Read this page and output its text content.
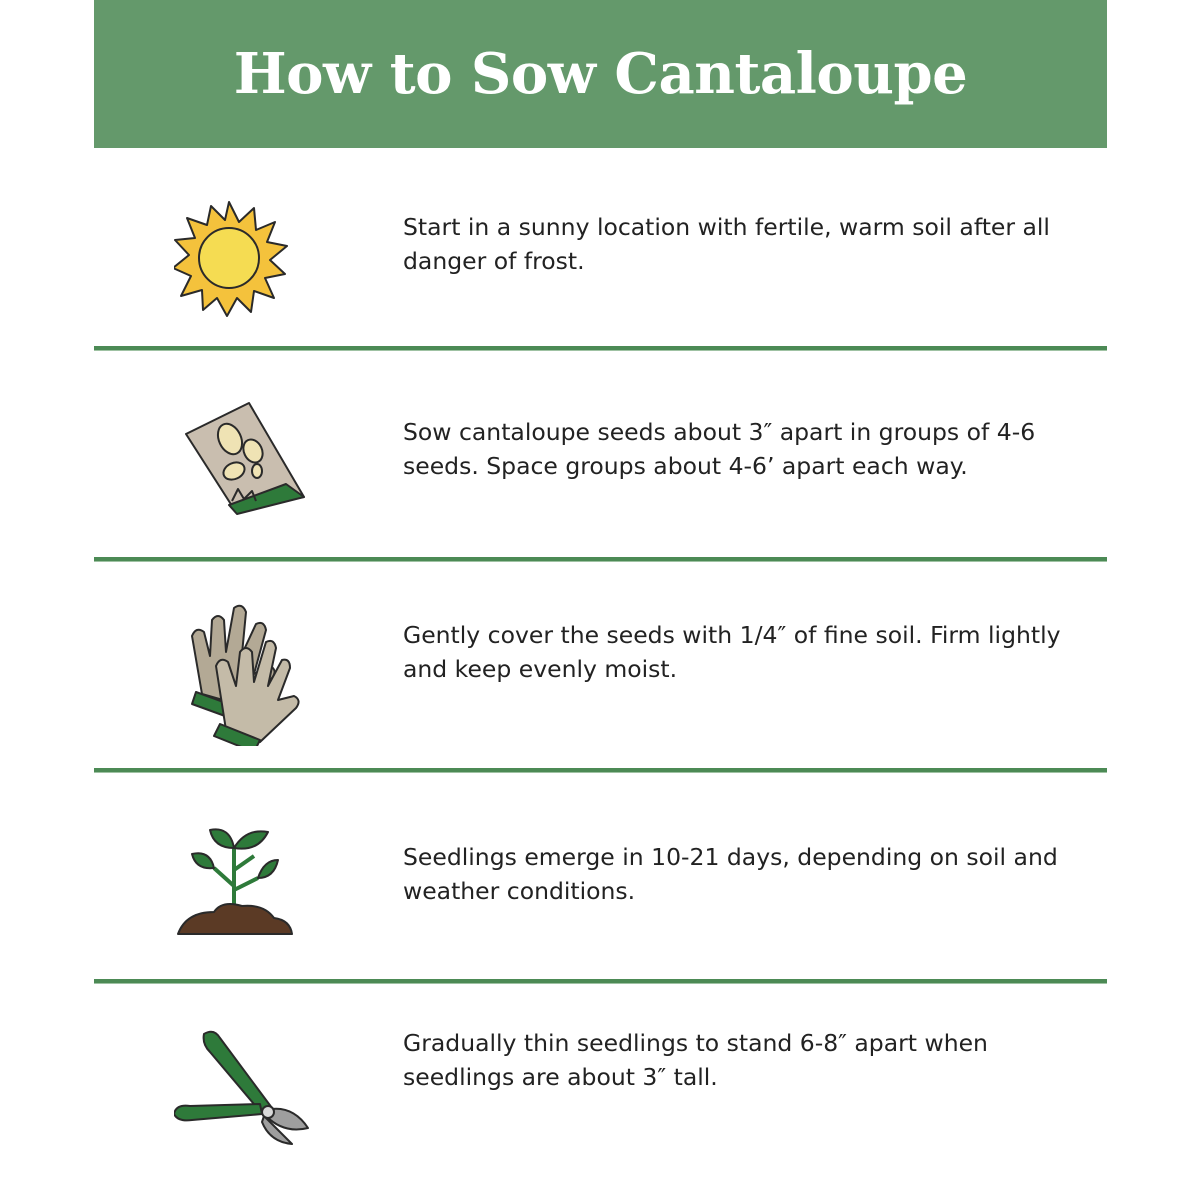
How to Sow Cantaloupe

Start in a sunny location with fertile, warm soil after all danger of frost.

Sow cantaloupe seeds about 3″ apart in groups of 4-6 seeds. Space groups about 4-6’ apart each way.

Gently cover the seeds with 1/4″ of fine soil. Firm lightly and keep evenly moist.

Seedlings emerge in 10-21 days, depending on soil and weather conditions.

Gradually thin seedlings to stand 6-8″ apart when seedlings are about 3″ tall.
